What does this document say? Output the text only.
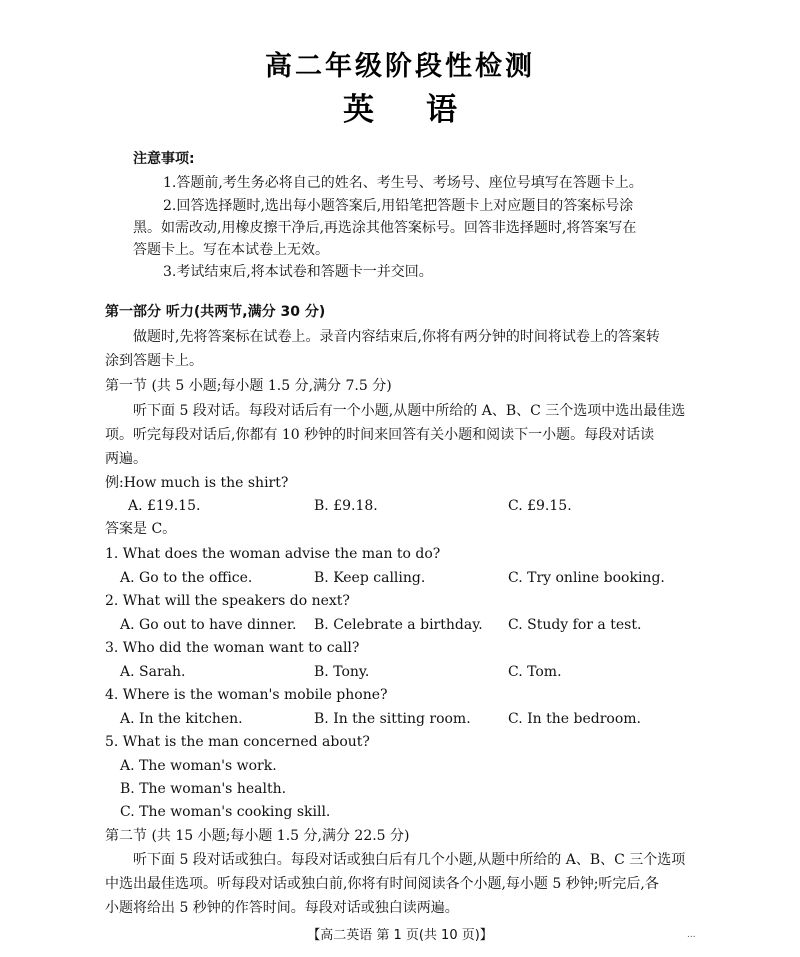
高二年级阶段性检测
英语
注意事项:
1.答题前,考生务必将自己的姓名、考生号、考场号、座位号填写在答题卡上。
2.回答选择题时,选出每小题答案后,用铅笔把答题卡上对应题目的答案标号涂
黑。如需改动,用橡皮擦干净后,再选涂其他答案标号。回答非选择题时,将答案写在
答题卡上。写在本试卷上无效。
3.考试结束后,将本试卷和答题卡一并交回。
第一部分 听力(共两节,满分 30 分)
做题时,先将答案标在试卷上。录音内容结束后,你将有两分钟的时间将试卷上的答案转
涂到答题卡上。
第一节 (共 5 小题;每小题 1.5 分,满分 7.5 分)
听下面 5 段对话。每段对话后有一个小题,从题中所给的 A、B、C 三个选项中选出最佳选
项。听完每段对话后,你都有 10 秒钟的时间来回答有关小题和阅读下一小题。每段对话读
两遍。
例:How much is the shirt?
A. £19.15.	B. £9.18.	C. £9.15.
答案是 C。
1. What does the woman advise the man to do?
A. Go to the office.	B. Keep calling.	C. Try online booking.
2. What will the speakers do next?
A. Go out to have dinner. B. Celebrate a birthday. C. Study for a test.
3. Who did the woman want to call?
A. Sarah.	B. Tony.	C. Tom.
4. Where is the woman's mobile phone?
A. In the kitchen.	B. In the sitting room.	C. In the bedroom.
5. What is the man concerned about?
A. The woman's work.
B. The woman's health.
C. The woman's cooking skill.
第二节 (共 15 小题;每小题 1.5 分,满分 22.5 分)
听下面 5 段对话或独白。每段对话或独白后有几个小题,从题中所给的 A、B、C 三个选项
中选出最佳选项。听每段对话或独白前,你将有时间阅读各个小题,每小题 5 秒钟;听完后,各
小题将给出 5 秒钟的作答时间。每段对话或独白读两遍。
【高二英语 第 1 页(共 10 页)】	...
